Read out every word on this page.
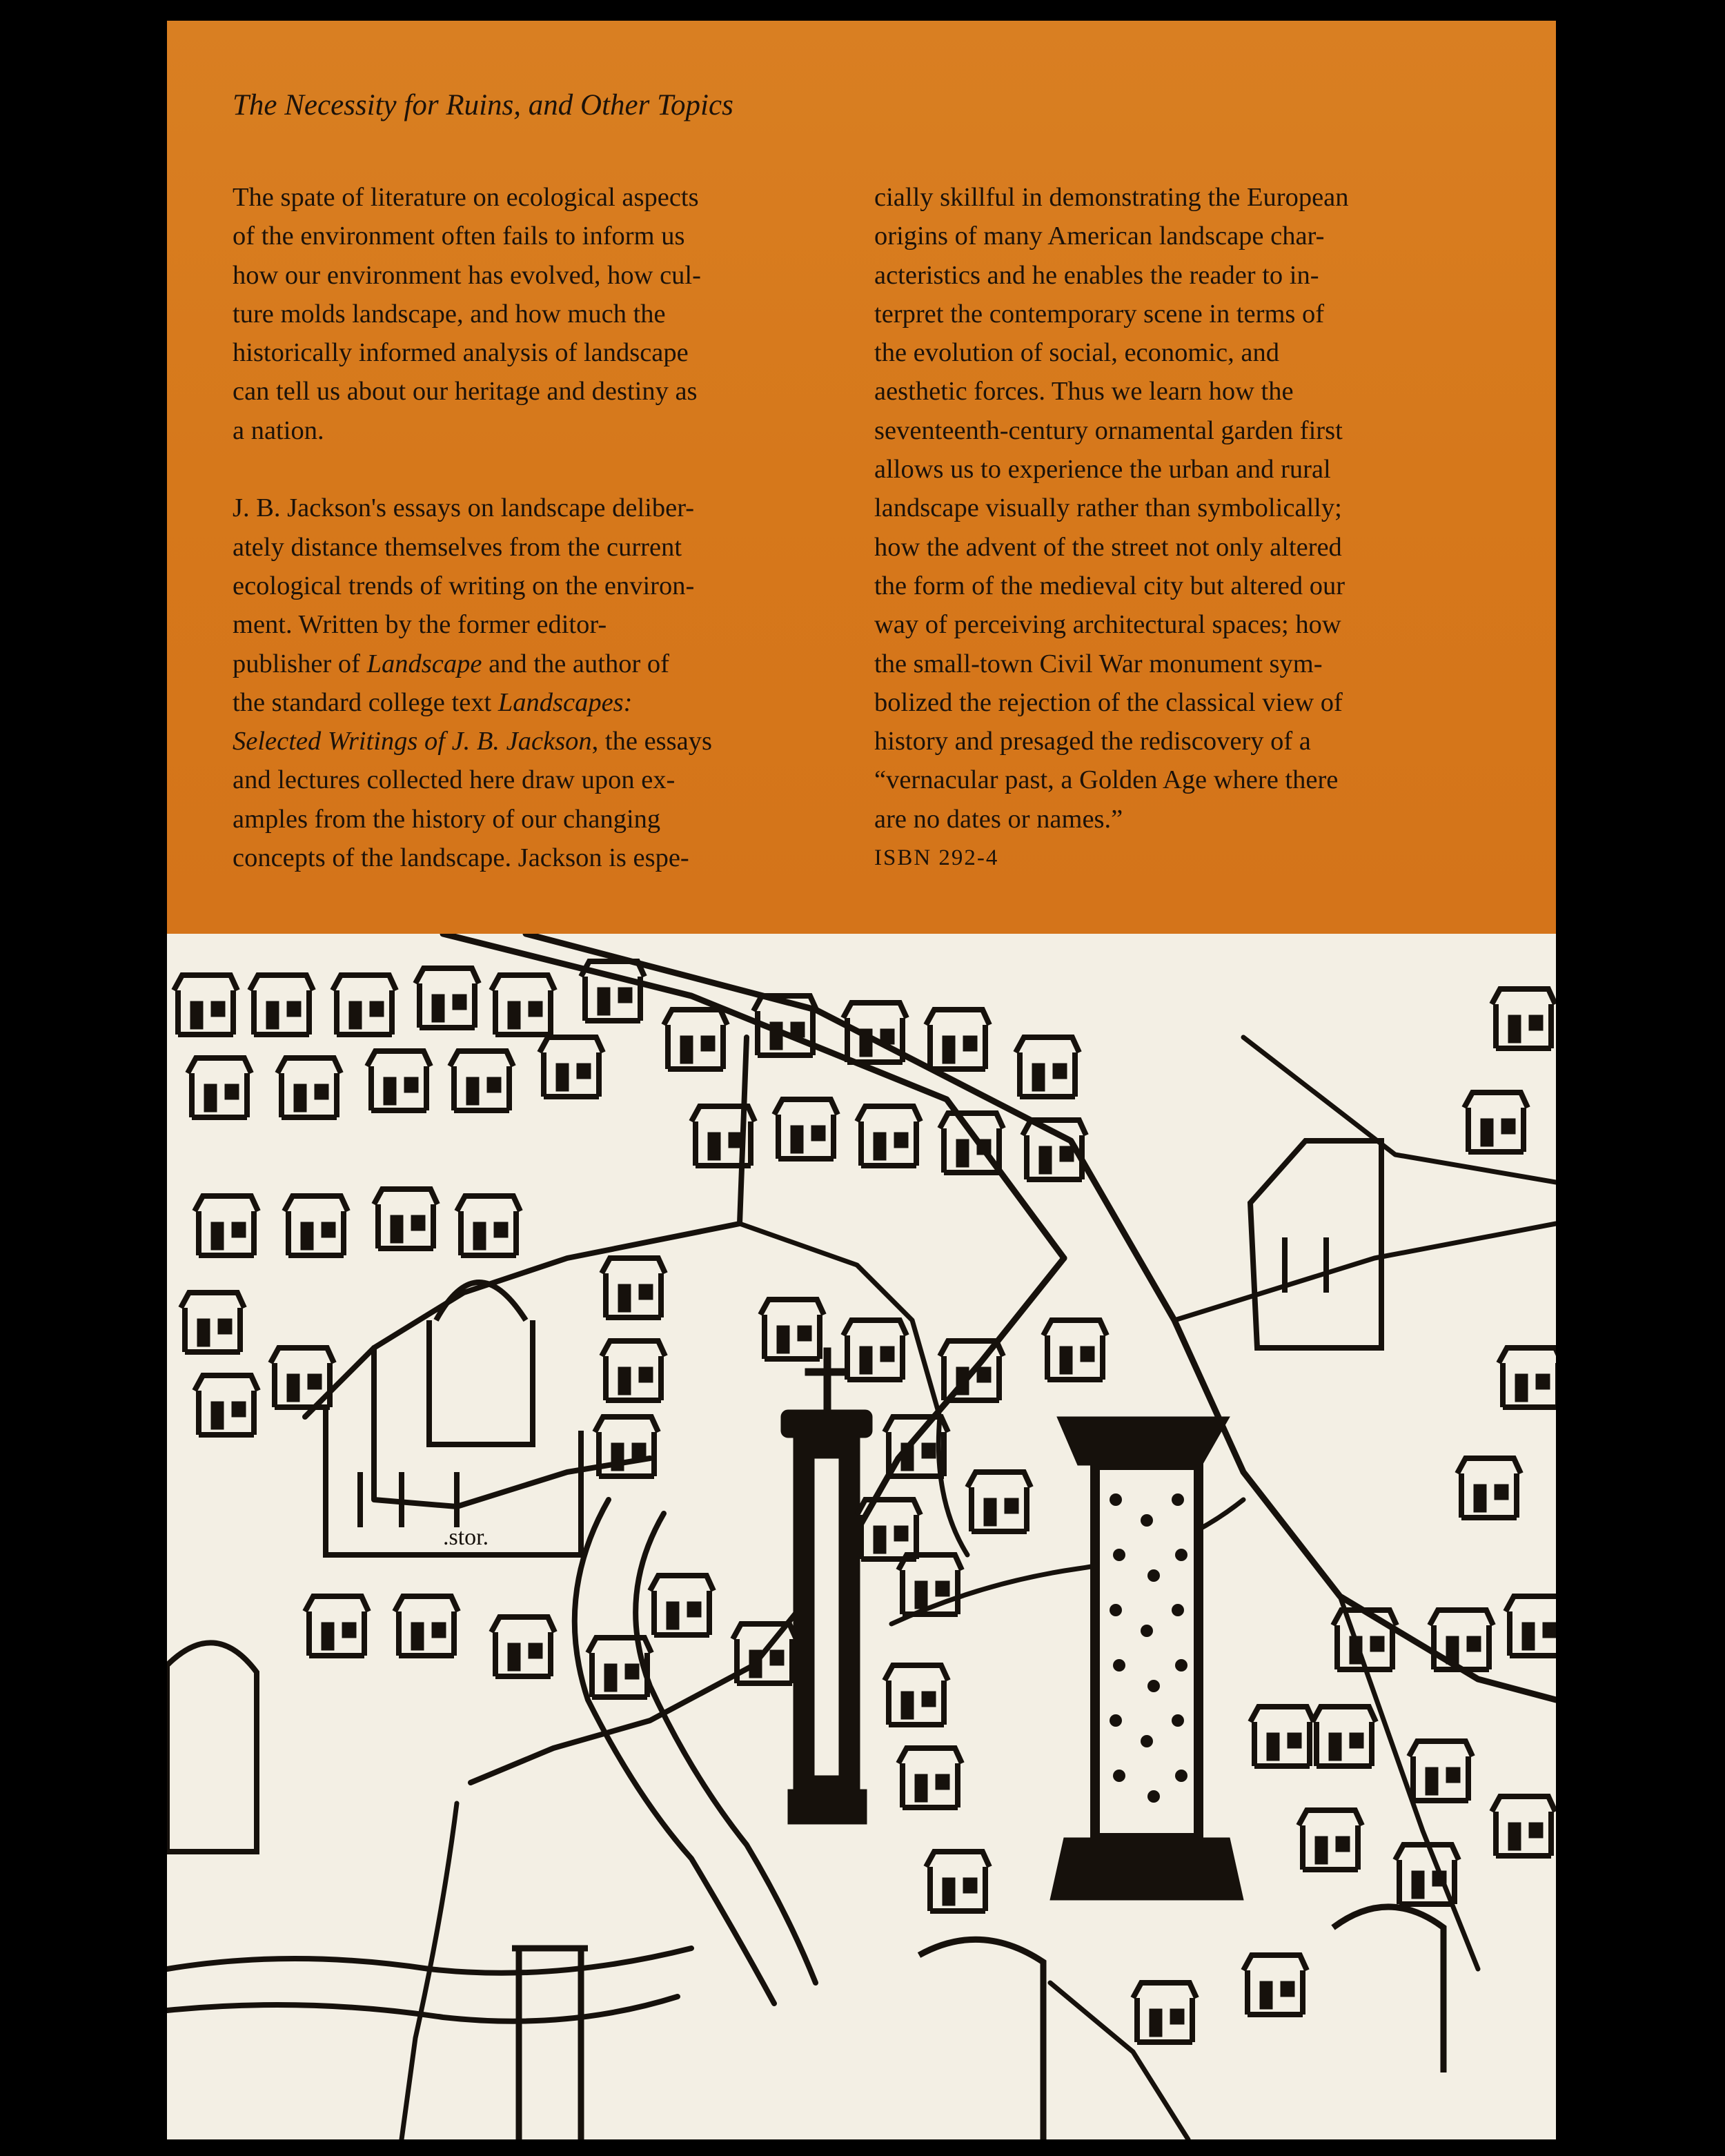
The Necessity for Ruins, and Other Topics
The spate of literature on ecological aspects
of the environment often fails to inform us
how our environment has evolved, how cul-
ture molds landscape, and how much the
historically informed analysis of landscape
can tell us about our heritage and destiny as
a nation.
J. B. Jackson's essays on landscape deliber-
ately distance themselves from the current
ecological trends of writing on the environ-
ment. Written by the former editor-
publisher of Landscape and the author of
the standard college text Landscapes:
Selected Writings of J. B. Jackson, the essays
and lectures collected here draw upon ex-
amples from the history of our changing
concepts of the landscape. Jackson is espe-
cially skillful in demonstrating the European
origins of many American landscape char-
acteristics and he enables the reader to in-
terpret the contemporary scene in terms of
the evolution of social, economic, and
aesthetic forces. Thus we learn how the
seventeenth-century ornamental garden first
allows us to experience the urban and rural
landscape visually rather than symbolically;
how the advent of the street not only altered
the form of the medieval city but altered our
way of perceiving architectural spaces; how
the small-town Civil War monument sym-
bolized the rejection of the classical view of
history and presaged the rediscovery of a
“vernacular past, a Golden Age where there
are no dates or names.”
ISBN 292-4
.stor.
